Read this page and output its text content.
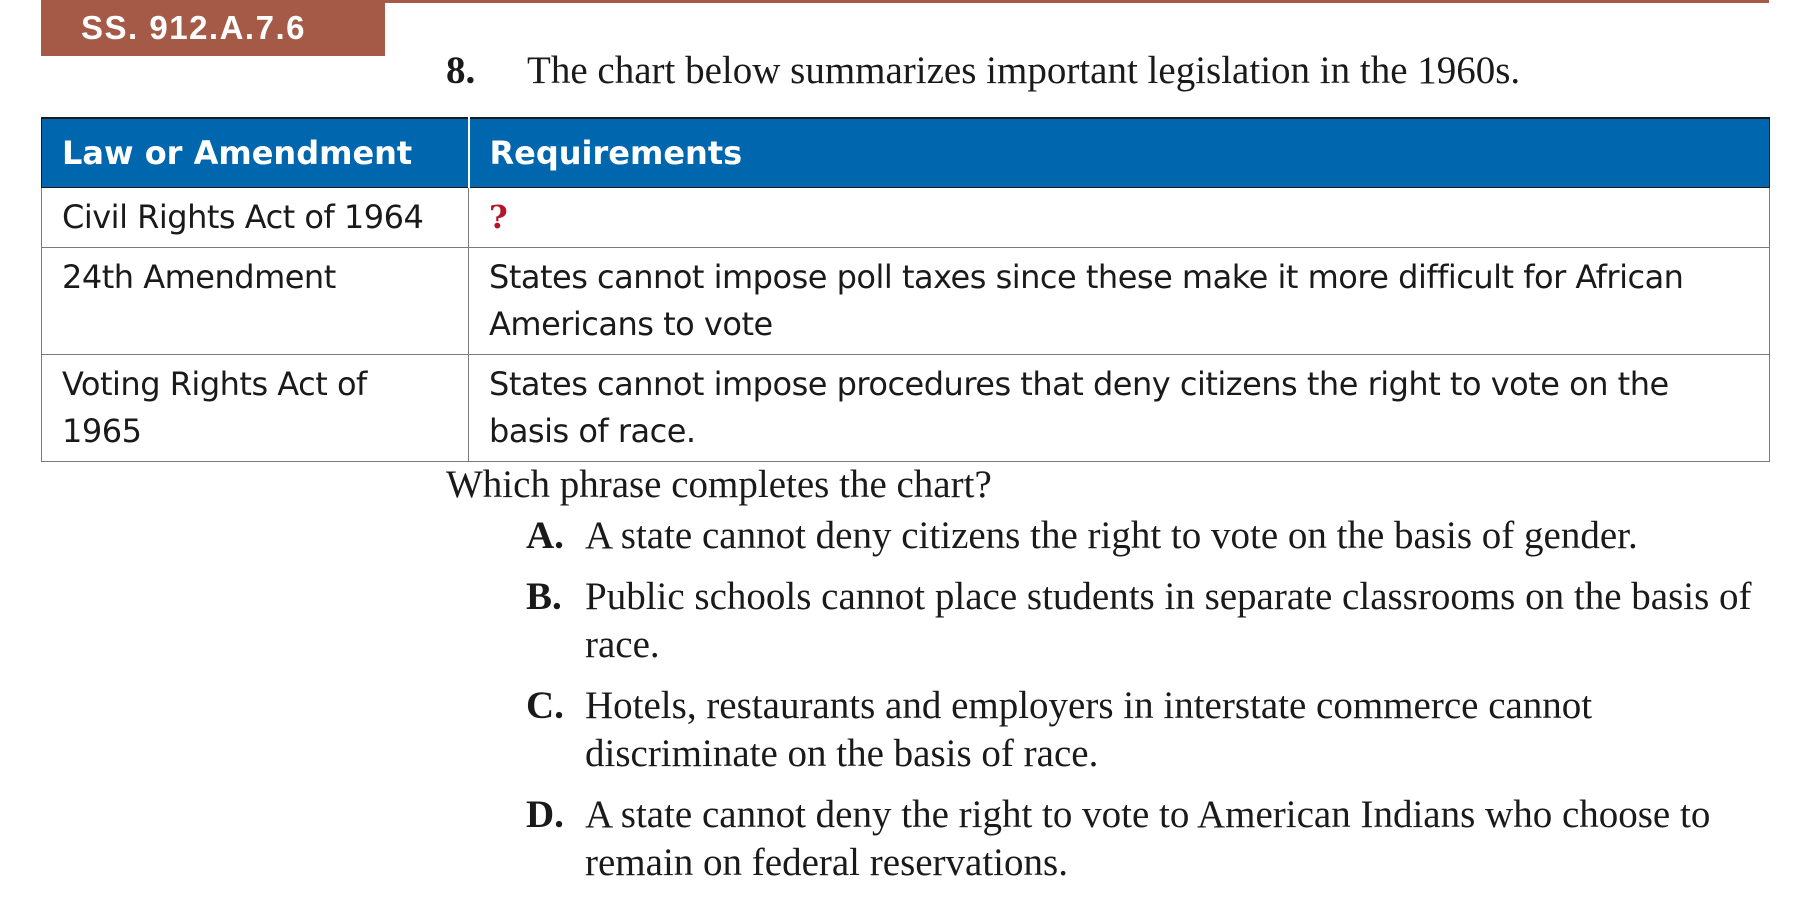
SS. 912.A.7.6
8.	The chart below summarizes important legislation in the 1960s.
Law or Amendment	Requirements
Civil Rights Act of 1964	?
24th Amendment	States cannot impose poll taxes since these make it more difficult for African Americans to vote
Voting Rights Act of 1965	States cannot impose procedures that deny citizens the right to vote on the basis of race.
Which phrase completes the chart?
A. A state cannot deny citizens the right to vote on the basis of gender.
B. Public schools cannot place students in separate classrooms on the basis of race.
C. Hotels, restaurants and employers in interstate commerce cannot discriminate on the basis of race.
D. A state cannot deny the right to vote to American Indians who choose to remain on federal reservations.
